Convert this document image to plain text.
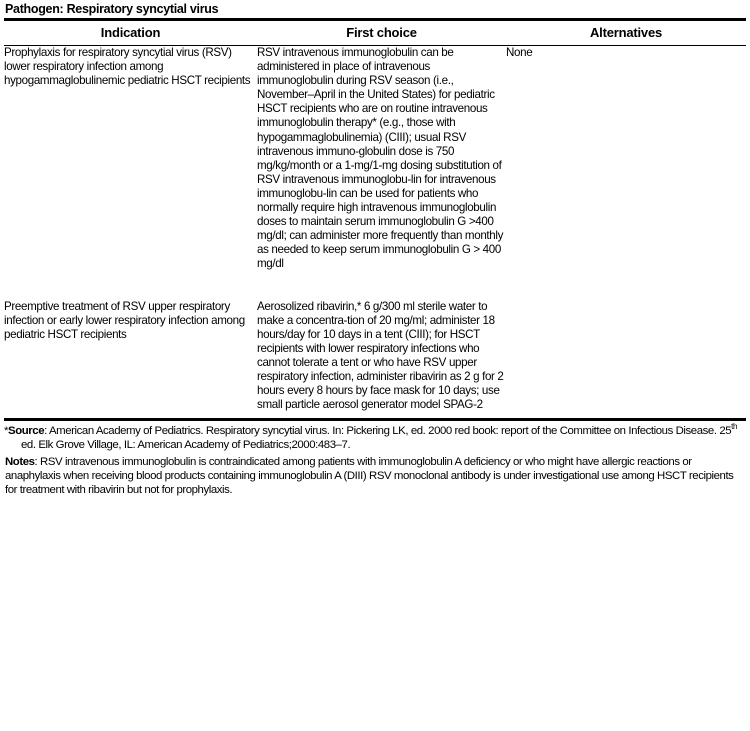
Pathogen: Respiratory syncytial virus
Indication	First choice	Alternatives
Prophylaxis for respiratory syncytial virus (RSV) lower respiratory infection among hypogammaglobulinemic pediatric HSCT recipients	RSV intravenous immunoglobulin can be administered in place of intravenous immunoglobulin during RSV season (i.e., November–April in the United States) for pediatric HSCT recipients who are on routine intravenous immunoglobulin therapy* (e.g., those with hypogammaglobulinemia) (CIII); usual RSV intravenous immuno-globulin dose is 750 mg/kg/month or a 1-mg/1-mg dosing substitution of RSV intravenous immunoglobu-lin for intravenous immunoglobu-lin can be used for patients who normally require high intravenous immunoglobulin doses to maintain serum immunoglobulin G >400 mg/dl; can administer more frequently than monthly as needed to keep serum immunoglobulin G > 400 mg/dl	None

Preemptive treatment of RSV upper respiratory infection or early lower respiratory infection among pediatric HSCT recipients	Aerosolized ribavirin,* 6 g/300 ml sterile water to make a concentra-tion of 20 mg/ml; administer 18 hours/day for 10 days in a tent (CIII); for HSCT recipients with lower respiratory infections who cannot tolerate a tent or who have RSV upper respiratory infection, administer ribavirin as 2 g for 2 hours every 8 hours by face mask for 10 days; use small particle aerosol generator model SPAG-2	
*Source: American Academy of Pediatrics. Respiratory syncytial virus. In: Pickering LK, ed. 2000 red book: report of the Committee on Infectious Disease. 25th ed. Elk Grove Village, IL: American Academy of Pediatrics;2000:483–7.
Notes: RSV intravenous immunoglobulin is contraindicated among patients with immunoglobulin A deficiency or who might have allergic reactions or anaphylaxis when receiving blood products containing immunoglobulin A (DIII) RSV monoclonal antibody is under investigational use among HSCT recipients for treatment with ribavirin but not for prophylaxis.
